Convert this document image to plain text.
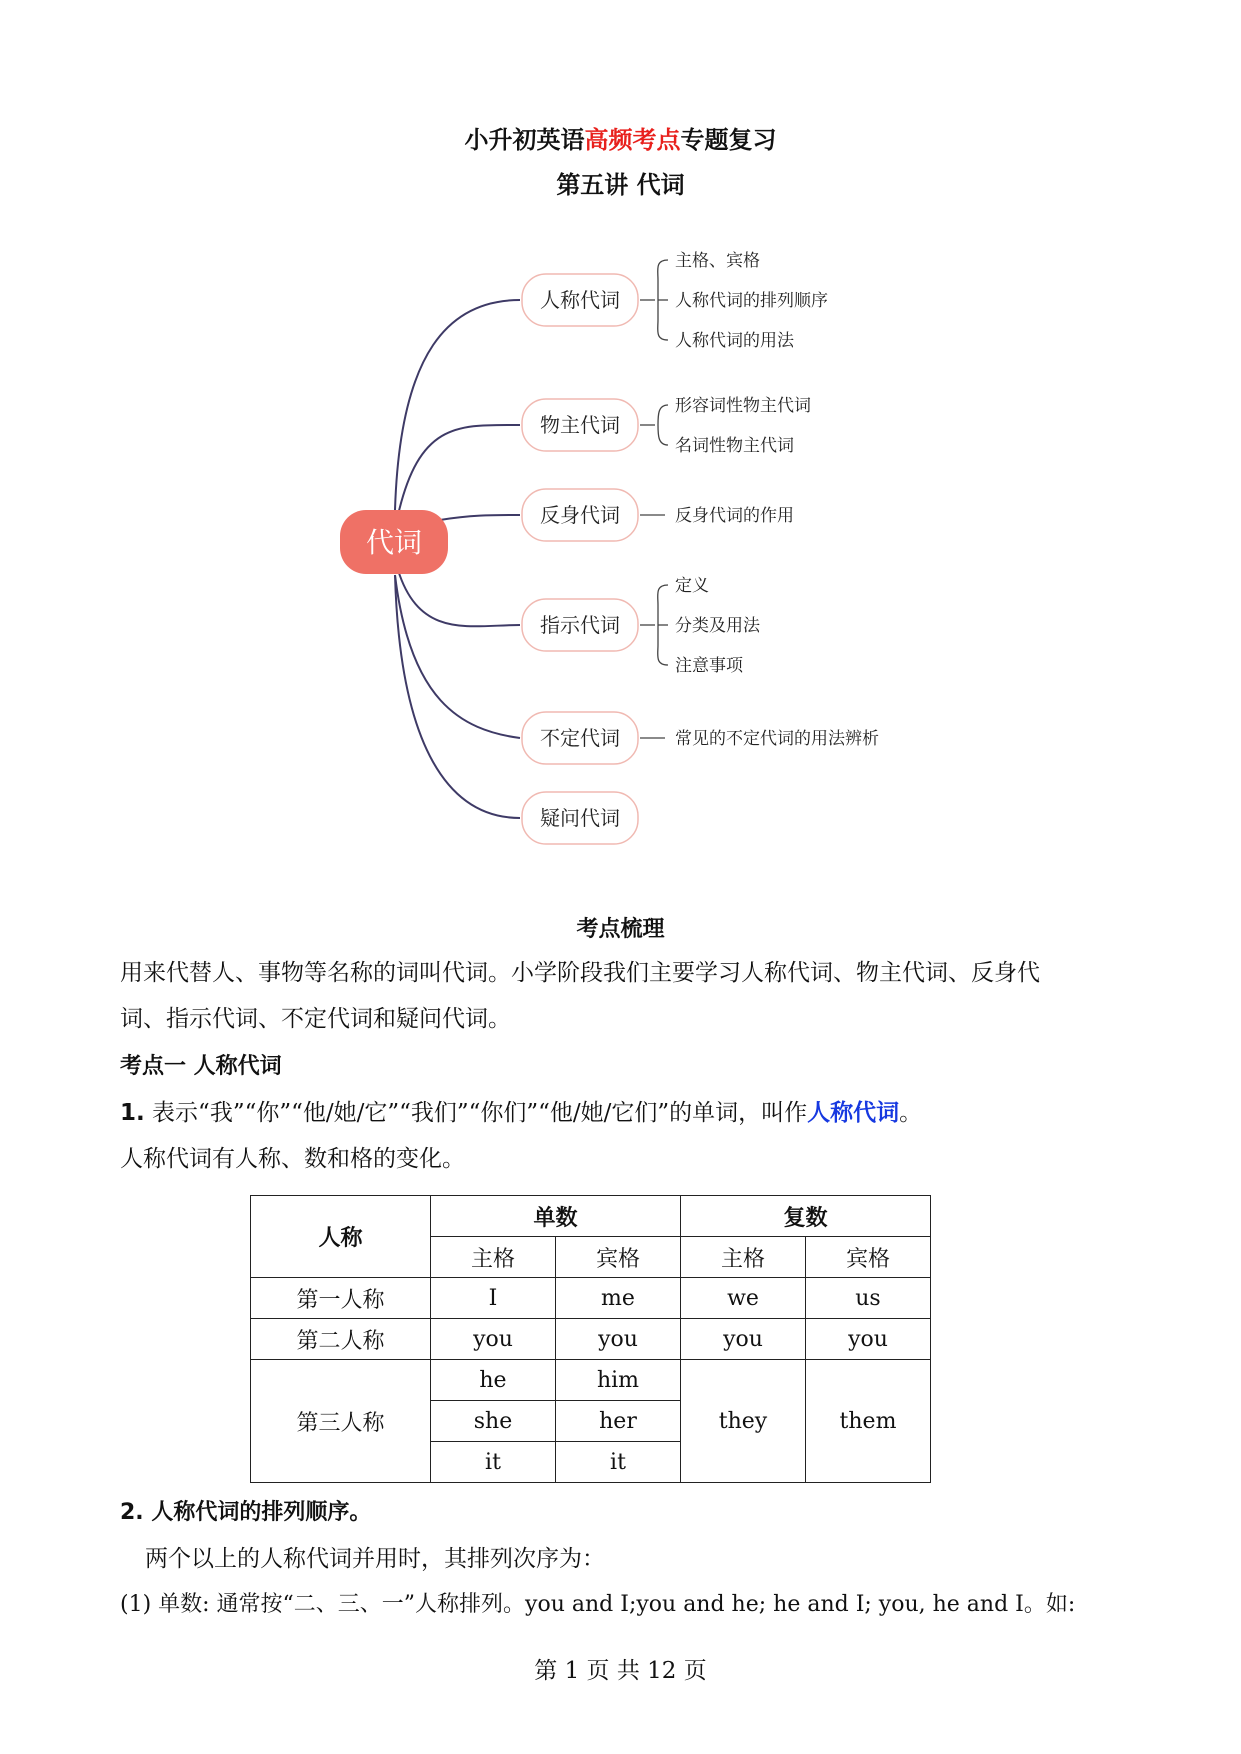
小升初英语高频考点专题复习
第五讲 代词
代词
人称代词
主格、宾格
人称代词的排列顺序
人称代词的用法
物主代词
形容词性物主代词
名词性物主代词
反身代词	反身代词的作用
指示代词
定义
分类及用法
注意事项
不定代词	常见的不定代词的用法辨析
疑问代词
考点梳理
用来代替人、事物等名称的词叫代词。小学阶段我们主要学习人称代词、物主代词、反身代
词、指示代词、不定代词和疑问代词。
考点一 人称代词
1. 表示“我”“你”“他/她/它”“我们”“你们”“他/她/它们”的单词，叫作人称代词。
人称代词有人称、数和格的变化。
人称	单数		复数	
	主格	宾格	主格	宾格
第一人称	I	me	we	us
第二人称	you	you	you	you
第三人称	he	him	they	them
	she	her		
	it	it		
2. 人称代词的排列顺序。
两个以上的人称代词并用时，其排列次序为：
(1) 单数: 通常按“二、三、一”人称排列。you and I;you and he; he and I; you, he and I。如:
第 1 页 共 12 页
